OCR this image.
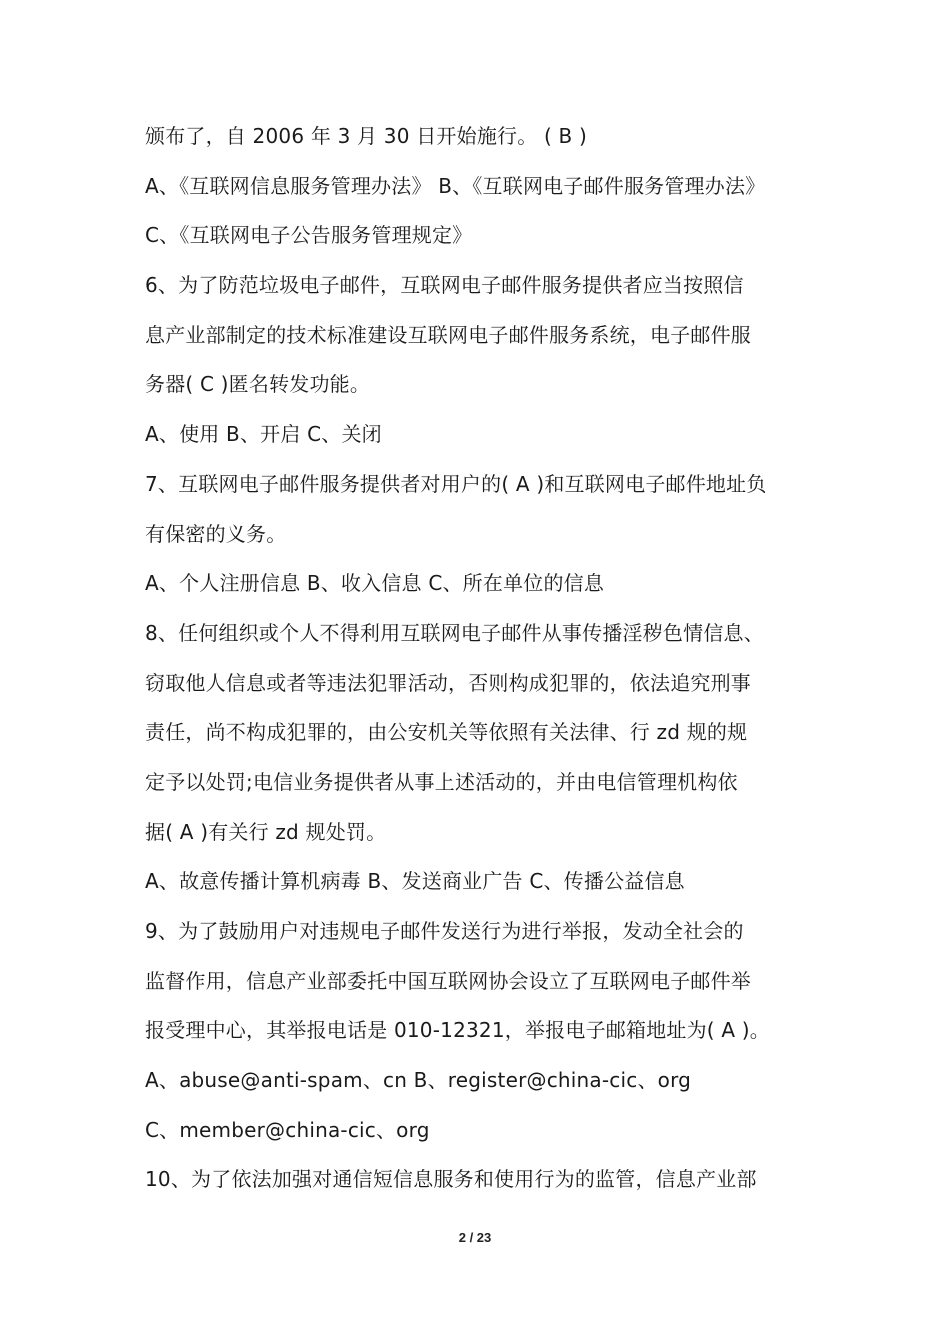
颁布了，自 2006 年 3 月 30 日开始施行。 ( B )
A、《互联网信息服务管理办法》 B、《互联网电子邮件服务管理办法》
C、《互联网电子公告服务管理规定》
6、为了防范垃圾电子邮件，互联网电子邮件服务提供者应当按照信
息产业部制定的技术标准建设互联网电子邮件服务系统，电子邮件服
务器( C )匿名转发功能。
A、使用 B、开启 C、关闭
7、互联网电子邮件服务提供者对用户的( A )和互联网电子邮件地址负
有保密的义务。
A、个人注册信息 B、收入信息 C、所在单位的信息
8、任何组织或个人不得利用互联网电子邮件从事传播淫秽色情信息、
窃取他人信息或者等违法犯罪活动，否则构成犯罪的，依法追究刑事
责任，尚不构成犯罪的，由公安机关等依照有关法律、行 zd 规的规
定予以处罚;电信业务提供者从事上述活动的，并由电信管理机构依
据( A )有关行 zd 规处罚。
A、故意传播计算机病毒 B、发送商业广告 C、传播公益信息
9、为了鼓励用户对违规电子邮件发送行为进行举报，发动全社会的
监督作用，信息产业部委托中国互联网协会设立了互联网电子邮件举
报受理中心，其举报电话是 010-12321，举报电子邮箱地址为( A )。
A、abuse@anti-spam、cn B、register@china-cic、org
C、member@china-cic、org
10、为了依法加强对通信短信息服务和使用行为的监管，信息产业部
2 / 23
